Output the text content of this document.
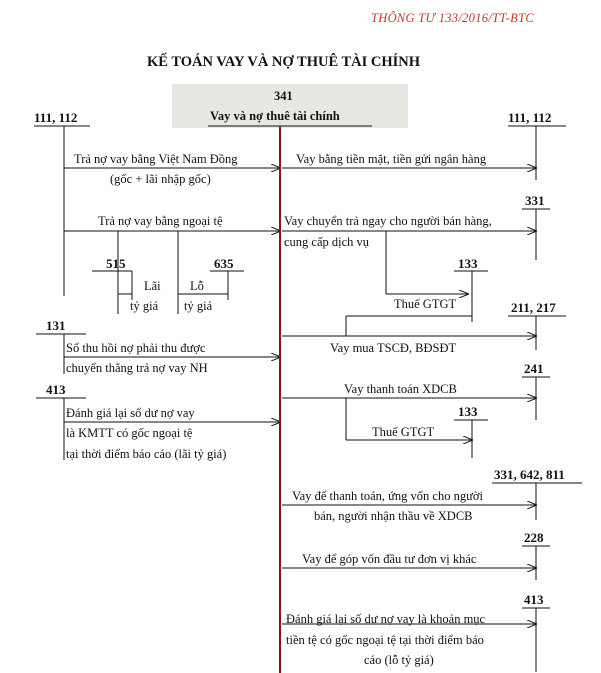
THÔNG TƯ 133/2016/TT-BTC
KẾ TOÁN VAY VÀ NỢ THUÊ TÀI CHÍNH
341
Vay và nợ thuê tài chính
111, 112	111, 112
Trả nợ vay bằng Việt Nam Đồng
(gốc + lãi nhập gốc)
Vay bằng tiền mặt, tiền gửi ngân hàng
331
Trả nợ vay bằng ngoại tệ	Vay chuyển trả ngay cho người bán hàng,
cung cấp dịch vụ
515	635	133
Lãi
tỷ giá
Lỗ
tỷ giá	Thuế GTGT	211, 217
Vay mua TSCĐ, BĐSĐT
131
Số thu hồi nợ phải thu được
chuyển thẳng trả nợ vay NH	241
Vay thanh toán XDCB
413
Đánh giá lại số dư nợ vay
là KMTT có gốc ngoại tệ
tại thời điểm báo cáo (lãi tỷ giá)
133
Thuế GTGT
331, 642, 811
Vay để thanh toán, ứng vốn cho người
bán, người nhận thầu về XDCB
228
Vay để góp vốn đầu tư đơn vị khác
413
Đánh giá lại số dư nợ vay là khoản mục
tiền tệ có gốc ngoại tệ tại thời điểm báo
cáo (lỗ tỷ giá)
